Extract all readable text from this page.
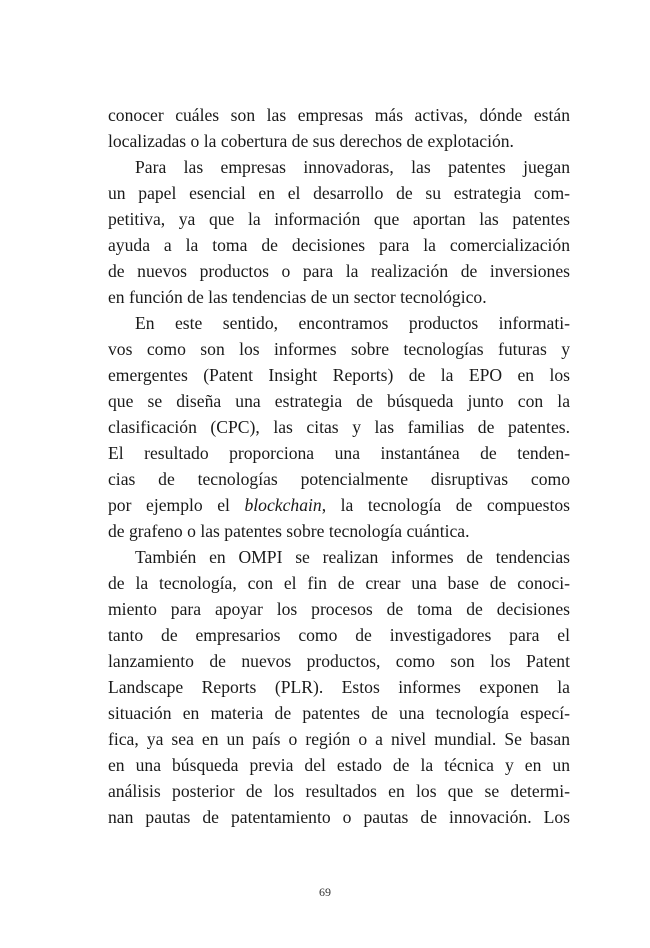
conocer cuáles son las empresas más activas, dónde están
localizadas o la cobertura de sus derechos de explotación.
Para las empresas innovadoras, las patentes juegan
un papel esencial en el desarrollo de su estrategia com-
petitiva, ya que la información que aportan las patentes
ayuda a la toma de decisiones para la comercialización
de nuevos productos o para la realización de inversiones
en función de las tendencias de un sector tecnológico.
En este sentido, encontramos productos informati-
vos como son los informes sobre tecnologías futuras y
emergentes (Patent Insight Reports) de la EPO en los
que se diseña una estrategia de búsqueda junto con la
clasificación (CPC), las citas y las familias de patentes.
El resultado proporciona una instantánea de tenden-
cias de tecnologías potencialmente disruptivas como
por ejemplo el blockchain, la tecnología de compuestos
de grafeno o las patentes sobre tecnología cuántica.
También en OMPI se realizan informes de tendencias
de la tecnología, con el fin de crear una base de conoci-
miento para apoyar los procesos de toma de decisiones
tanto de empresarios como de investigadores para el
lanzamiento de nuevos productos, como son los Patent
Landscape Reports (PLR). Estos informes exponen la
situación en materia de patentes de una tecnología especí-
fica, ya sea en un país o región o a nivel mundial. Se basan
en una búsqueda previa del estado de la técnica y en un
análisis posterior de los resultados en los que se determi-
nan pautas de patentamiento o pautas de innovación. Los
69
